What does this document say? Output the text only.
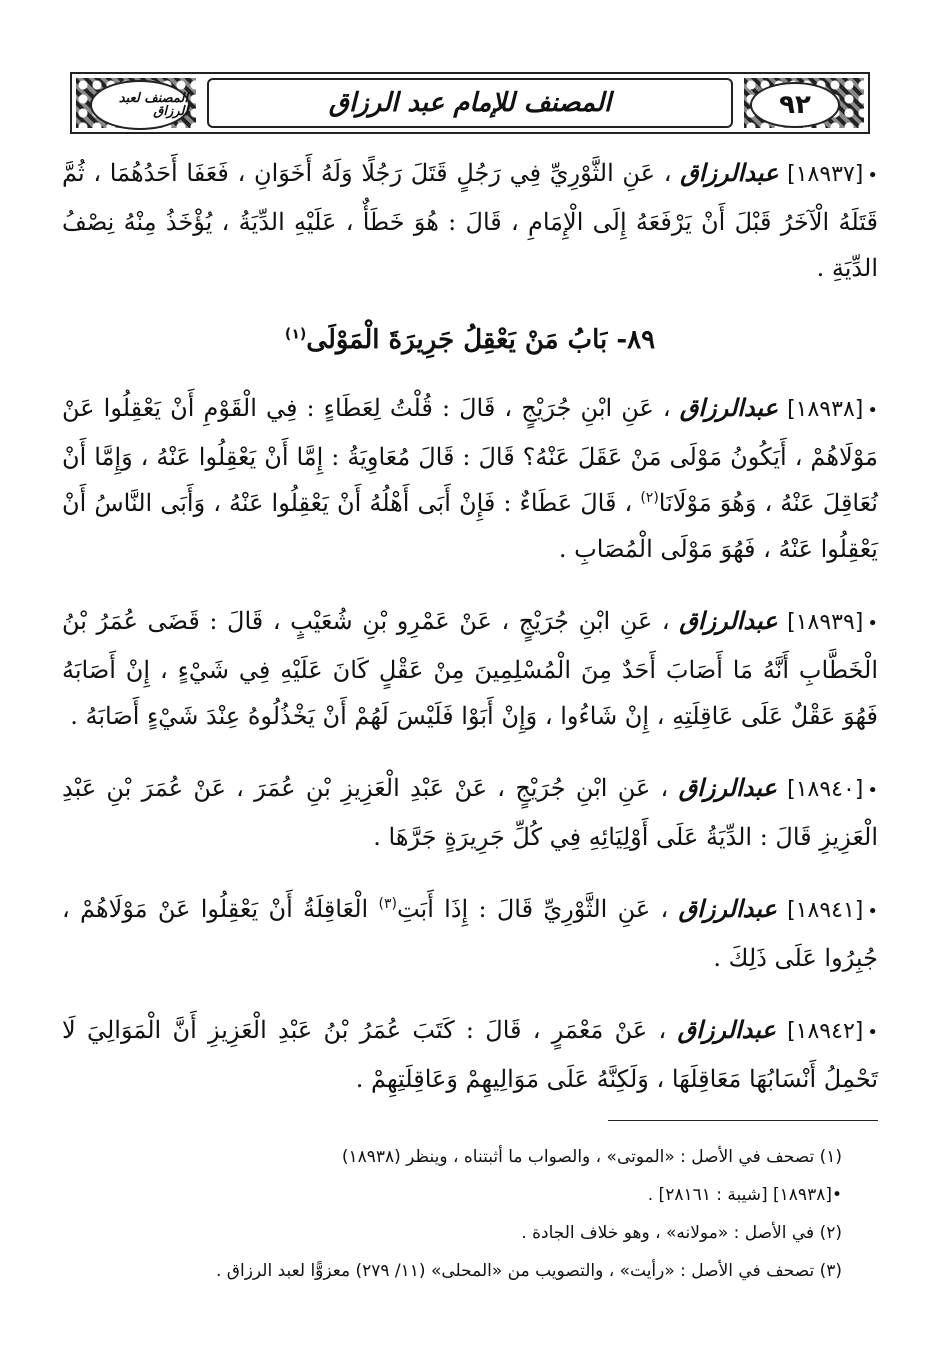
المصنف للإمام عبد الرزاق	٩٢
المصنف لعبد الرزاق

•[١٨٩٣٧] عبدالرزاق ، عَنِ الثَّوْرِيِّ فِي رَجُلٍ قَتَلَ رَجُلًا وَلَهُ أَخَوَانِ ، فَعَفَا أَحَدُهُمَا ، ثُمَّ قَتَلَهُ الْآخَرُ قَبْلَ أَنْ يَرْفَعَهُ إِلَى الْإِمَامِ ، قَالَ : هُوَ خَطَأٌ ، عَلَيْهِ الدِّيَةُ ، يُؤْخَذُ مِنْهُ نِصْفُ الدِّيَةِ .

٨٩- بَابُ مَنْ يَعْقِلُ جَرِيرَةَ الْمَوْلَى$^{(١)}$

•[١٨٩٣٨] عبدالرزاق ، عَنِ ابْنِ جُرَيْجٍ ، قَالَ : قُلْتُ لِعَطَاءٍ : فِي الْقَوْمِ أَنْ يَعْقِلُوا عَنْ مَوْلَاهُمْ ، أَيَكُونُ مَوْلَى مَنْ عَقَلَ عَنْهُ؟ قَالَ : قَالَ مُعَاوِيَةُ : إِمَّا أَنْ يَعْقِلُوا عَنْهُ ، وَإِمَّا أَنْ نُعَاقِلَ عَنْهُ ، وَهُوَ مَوْلَانَا$^{(٢)}$ ، قَالَ عَطَاءٌ : فَإِنْ أَبَى أَهْلُهُ أَنْ يَعْقِلُوا عَنْهُ ، وَأَبَى النَّاسُ أَنْ يَعْقِلُوا عَنْهُ ، فَهُوَ مَوْلَى الْمُصَابِ .

•[١٨٩٣٩] عبدالرزاق ، عَنِ ابْنِ جُرَيْجٍ ، عَنْ عَمْرِو بْنِ شُعَيْبٍ ، قَالَ : قَضَى عُمَرُ بْنُ الْخَطَّابِ أَنَّهُ مَا أَصَابَ أَحَدٌ مِنَ الْمُسْلِمِينَ مِنْ عَقْلٍ كَانَ عَلَيْهِ فِي شَيْءٍ ، إِنْ أَصَابَهُ فَهُوَ عَقْلٌ عَلَى عَاقِلَتِهِ ، إِنْ شَاءُوا ، وَإِنْ أَبَوْا فَلَيْسَ لَهُمْ أَنْ يَخْذُلُوهُ عِنْدَ شَيْءٍ أَصَابَهُ .

•[١٨٩٤٠] عبدالرزاق ، عَنِ ابْنِ جُرَيْجٍ ، عَنْ عَبْدِ الْعَزِيزِ بْنِ عُمَرَ ، عَنْ عُمَرَ بْنِ عَبْدِ الْعَزِيزِ قَالَ : الدِّيَةُ عَلَى أَوْلِيَائِهِ فِي كُلِّ جَرِيرَةٍ جَرَّهَا .

•[١٨٩٤١] عبدالرزاق ، عَنِ الثَّوْرِيِّ قَالَ : إِذَا أَبَتِ$^{(٣)}$ الْعَاقِلَةُ أَنْ يَعْقِلُوا عَنْ مَوْلَاهُمْ ، جُبِرُوا عَلَى ذَلِكَ .

•[١٨٩٤٢] عبدالرزاق ، عَنْ مَعْمَرٍ ، قَالَ : كَتَبَ عُمَرُ بْنُ عَبْدِ الْعَزِيزِ أَنَّ الْمَوَالِيَ لَا تَحْمِلُ أَنْسَابُهَا مَعَاقِلَهَا ، وَلَكِنَّهُ عَلَى مَوَالِيهِمْ وَعَاقِلَتِهِمْ .

(١) تصحف في الأصل : «الموتى» ، والصواب ما أثبتناه ، وينظر (١٨٩٣٨)

•[١٨٩٣٨] [شيبة : ٢٨١٦١] .

(٢) في الأصل : «مولانه» ، وهو خلاف الجادة .

(٣) تصحف في الأصل : «رأيت» ، والتصويب من «المحلى» (١١/ ٢٧٩) معزوًّا لعبد الرزاق .
